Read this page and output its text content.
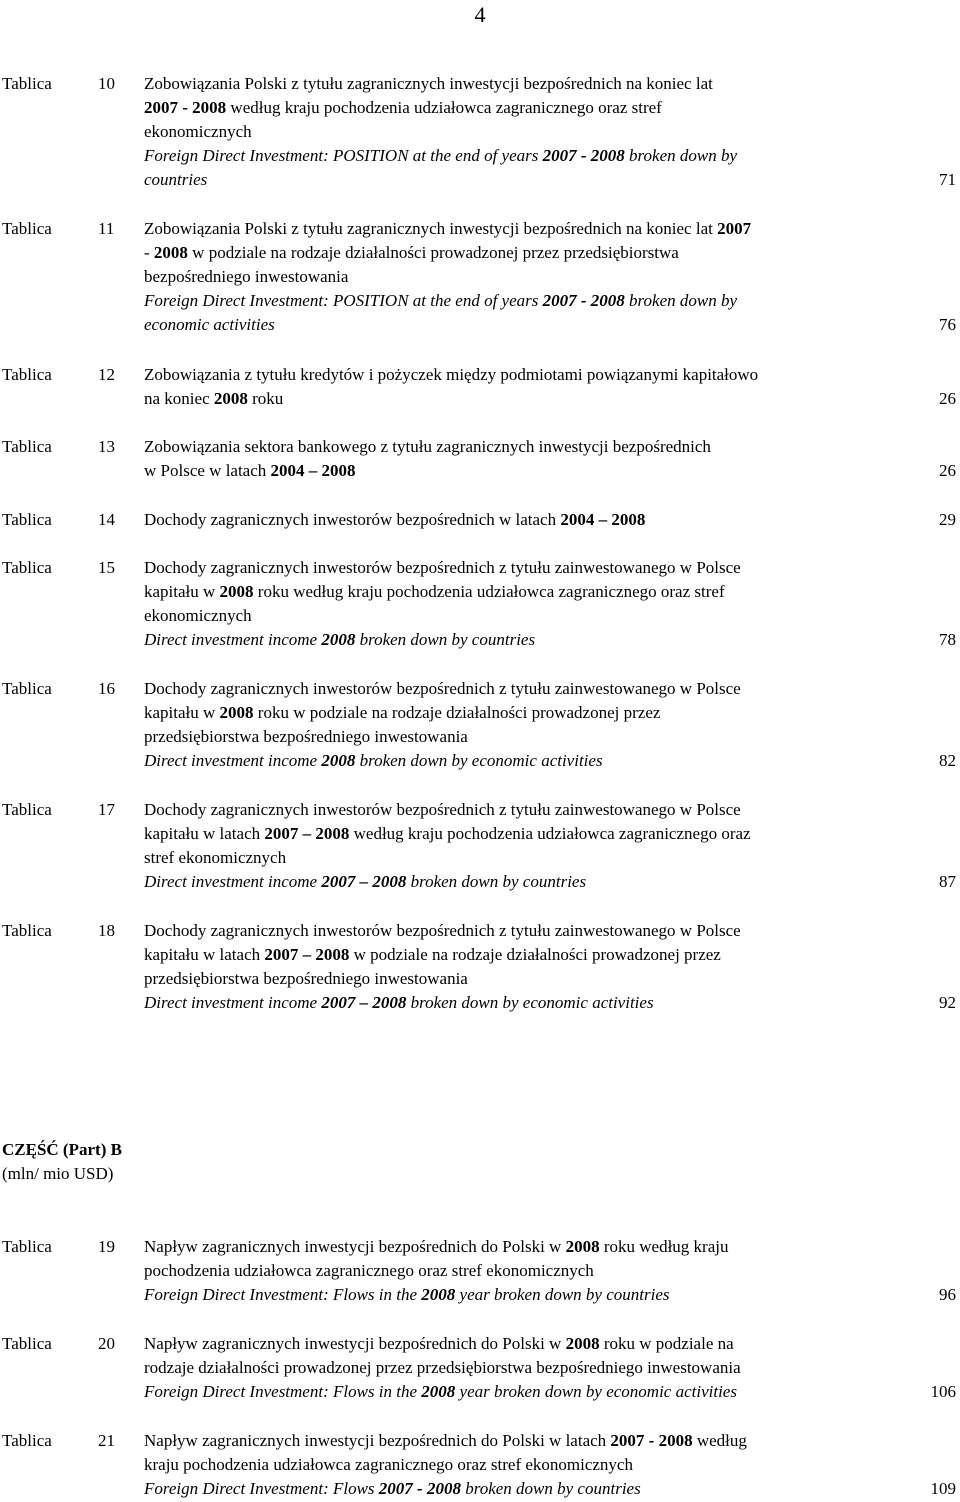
4
Tablica	10 Zobowiązania Polski z tytułu zagranicznych inwestycji bezpośrednich na koniec lat
2007 - 2008 według kraju pochodzenia udziałowca zagranicznego oraz stref
ekonomicznych
Foreign Direct Investment: POSITION at the end of years 2007 - 2008 broken down by
countries	71
Tablica	11 Zobowiązania Polski z tytułu zagranicznych inwestycji bezpośrednich na koniec lat 2007
- 2008 w podziale na rodzaje działalności prowadzonej przez przedsiębiorstwa
bezpośredniego inwestowania
Foreign Direct Investment: POSITION at the end of years 2007 - 2008 broken down by
economic activities	76
Tablica	12 Zobowiązania z tytułu kredytów i pożyczek między podmiotami powiązanymi kapitałowo
na koniec 2008 roku	26
Tablica	13 Zobowiązania sektora bankowego z tytułu zagranicznych inwestycji bezpośrednich
w Polsce w latach 2004 – 2008	26
Tablica	14 Dochody zagranicznych inwestorów bezpośrednich w latach 2004 – 2008	29
Tablica	15 Dochody zagranicznych inwestorów bezpośrednich z tytułu zainwestowanego w Polsce
kapitału w 2008 roku według kraju pochodzenia udziałowca zagranicznego oraz stref
ekonomicznych
Direct investment income 2008 broken down by countries	78
Tablica	16 Dochody zagranicznych inwestorów bezpośrednich z tytułu zainwestowanego w Polsce
kapitału w 2008 roku w podziale na rodzaje działalności prowadzonej przez
przedsiębiorstwa bezpośredniego inwestowania
Direct investment income 2008 broken down by economic activities	82
Tablica	17 Dochody zagranicznych inwestorów bezpośrednich z tytułu zainwestowanego w Polsce
kapitału w latach 2007 – 2008 według kraju pochodzenia udziałowca zagranicznego oraz
stref ekonomicznych
Direct investment income 2007 – 2008 broken down by countries	87
Tablica	18 Dochody zagranicznych inwestorów bezpośrednich z tytułu zainwestowanego w Polsce
kapitału w latach 2007 – 2008 w podziale na rodzaje działalności prowadzonej przez
przedsiębiorstwa bezpośredniego inwestowania
Direct investment income 2007 – 2008 broken down by economic activities	92
CZĘŚĆ (Part) B
(mln/ mio USD)
Tablica	19 Napływ zagranicznych inwestycji bezpośrednich do Polski w 2008 roku według kraju
pochodzenia udziałowca zagranicznego oraz stref ekonomicznych
Foreign Direct Investment: Flows in the 2008 year broken down by countries	96
Tablica	20 Napływ zagranicznych inwestycji bezpośrednich do Polski w 2008 roku w podziale na
rodzaje działalności prowadzonej przez przedsiębiorstwa bezpośredniego inwestowania
Foreign Direct Investment: Flows in the 2008 year broken down by economic activities	106
Tablica	21 Napływ zagranicznych inwestycji bezpośrednich do Polski w latach 2007 - 2008 według
kraju pochodzenia udziałowca zagranicznego oraz stref ekonomicznych
Foreign Direct Investment: Flows 2007 - 2008 broken down by countries	109
